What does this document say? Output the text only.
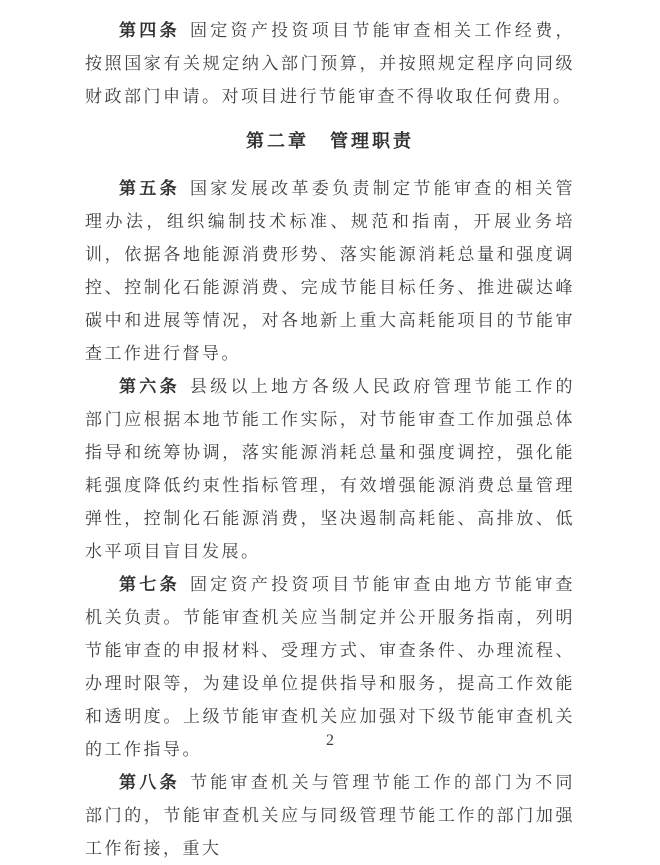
第四条 固定资产投资项目节能审查相关工作经费，按照国家有关规定纳入部门预算，并按照规定程序向同级财政部门申请。对项目进行节能审查不得收取任何费用。

第二章　管理职责

第五条 国家发展改革委负责制定节能审查的相关管理办法，组织编制技术标准、规范和指南，开展业务培训，依据各地能源消费形势、落实能源消耗总量和强度调控、控制化石能源消费、完成节能目标任务、推进碳达峰碳中和进展等情况，对各地新上重大高耗能项目的节能审查工作进行督导。

第六条 县级以上地方各级人民政府管理节能工作的部门应根据本地节能工作实际，对节能审查工作加强总体指导和统筹协调，落实能源消耗总量和强度调控，强化能耗强度降低约束性指标管理，有效增强能源消费总量管理弹性，控制化石能源消费，坚决遏制高耗能、高排放、低水平项目盲目发展。

第七条 固定资产投资项目节能审查由地方节能审查机关负责。节能审查机关应当制定并公开服务指南，列明节能审查的申报材料、受理方式、审查条件、办理流程、办理时限等，为建设单位提供指导和服务，提高工作效能和透明度。上级节能审查机关应加强对下级节能审查机关的工作指导。

第八条 节能审查机关与管理节能工作的部门为不同部门的，节能审查机关应与同级管理节能工作的部门加强工作衔接，重大

2
